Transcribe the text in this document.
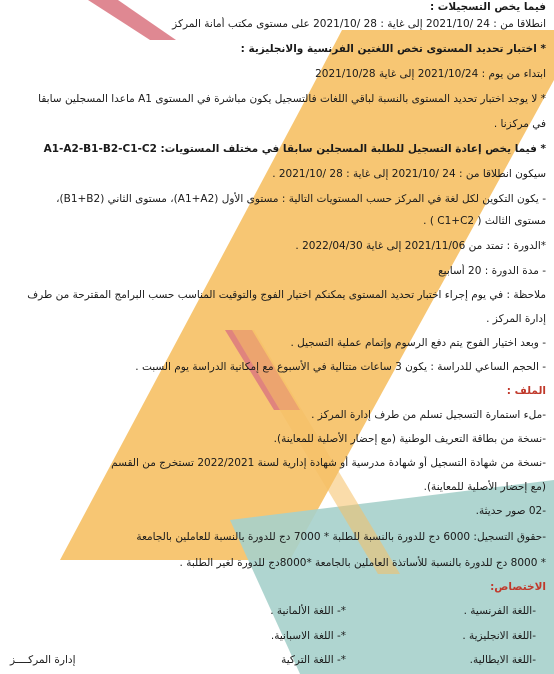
فيما يخص التسجيلات :
انطلاقا من : 24 /2021/10 إلى غاية : 28 /2021/10 على مستوى مكتب أمانة المركز
* اختبار تحديد المستوى تخص اللغتين الفرنسية والانجليزية :
ابتداء من يوم : 2021/10/24 إلى غاية 2021/10/28
* لا يوجد اختبار تحديد المستوى بالنسبة لباقي اللغات فالتسجيل يكون مباشرة في المستوى A1 ماعدا المسجلين سابقا
في مركزنا .
* فيما يخص إعادة التسجيل للطلبة المسجلين سابقا في مختلف المستويات: A1-A2-B1-B2-C1-C2
سيكون انطلاقا من : 24 /2021/10 إلى غاية : 28 /2021/10 .
- يكون التكوين لكل لغة في المركز حسب المستويات التالية : مستوى الأول (A1+A2)، مستوى الثاني (B1+B2)،
مستوى الثالث ( C1+C2 ) .
*الدورة : تمتد من 2021/11/06 إلى غاية 2022/04/30 .
- مدة الدورة : 20 أسابيع
ملاحظة : في يوم إجراء اختبار تحديد المستوى يمكنكم اختيار الفوج والتوقيت المناسب حسب البرامج المقترحة من طرف
إدارة المركز .
- وبعد اختيار الفوج يتم دفع الرسوم وإتمام عملية التسجيل .
- الحجم الساعي للدراسة : يكون 3 ساعات متتالية في الأسبوع مع إمكانية الدراسة يوم السبت .
الملف :
-ملء استمارة التسجيل تسلم من طرف إدارة المركز .
-نسخة من بطاقة التعريف الوطنية (مع إحضار الأصلية للمعاينة).
-نسخة من شهادة التسجيل أو شهادة مدرسية أو شهادة إدارية لسنة 2022/2021 تستخرج من القسم
(مع إحضار الأصلية للمعاينة).
-02 صور حديثة.
-حقوق التسجيل: 6000 دج للدورة بالنسبة للطلبة * 7000 دج للدورة بالنسبة للعاملين بالجامعة
* 8000 دج للدورة بالنسبة للأساتذة العاملين بالجامعة *8000دج للدورة لغير الطلبة .
الاختصاص:
-اللغة الفرنسية .
*- اللغة الألمانية .
-اللغة الانجليزية .
*- اللغة الاسبانية.
-اللغة الايطالية.
*- اللغة التركية
إدارة المركــــز
